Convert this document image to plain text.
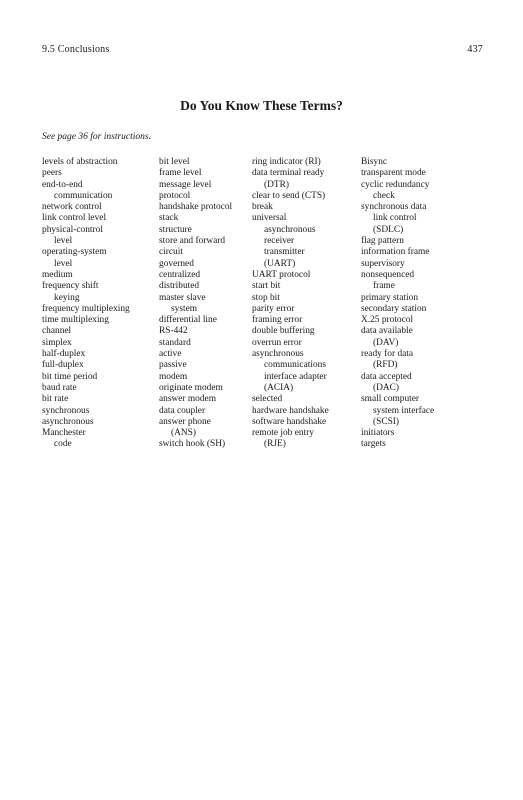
9.5 Conclusions	437
Do You Know These Terms?
See page 36 for instructions.
levels of abstraction
peers
end-to-end
communication
network control
link control level
physical-control
level
operating-system
level
medium
frequency shift
keying
frequency multiplexing
time multiplexing
channel
simplex
half-duplex
full-duplex
bit time period
baud rate
bit rate
synchronous
asynchronous
Manchester
code
bit level
frame level
message level
protocol
handshake protocol
stack
structure
store and forward
circuit
governed
centralized
distributed
master slave
system
differential line
RS-442
standard
active
passive
modem
originate modem
answer modem
data coupler
answer phone
(ANS)
switch hook (SH)
ring indicator (RI)
data terminal ready
(DTR)
clear to send (CTS)
break
universal
asynchronous
receiver
transmitter
(UART)
UART protocol
start bit
stop bit
parity error
framing error
double buffering
overrun error
asynchronous
communications
interface adapter
(ACIA)
selected
hardware handshake
software handshake
remote job entry
(RJE)
Bisync
transparent mode
cyclic redundancy
check
synchronous data
link control
(SDLC)
flag pattern
information frame
supervisory
nonsequenced
frame
primary station
secondary station
X.25 protocol
data available
(DAV)
ready for data
(RFD)
data accepted
(DAC)
small computer
system interface
(SCSI)
initiators
targets
